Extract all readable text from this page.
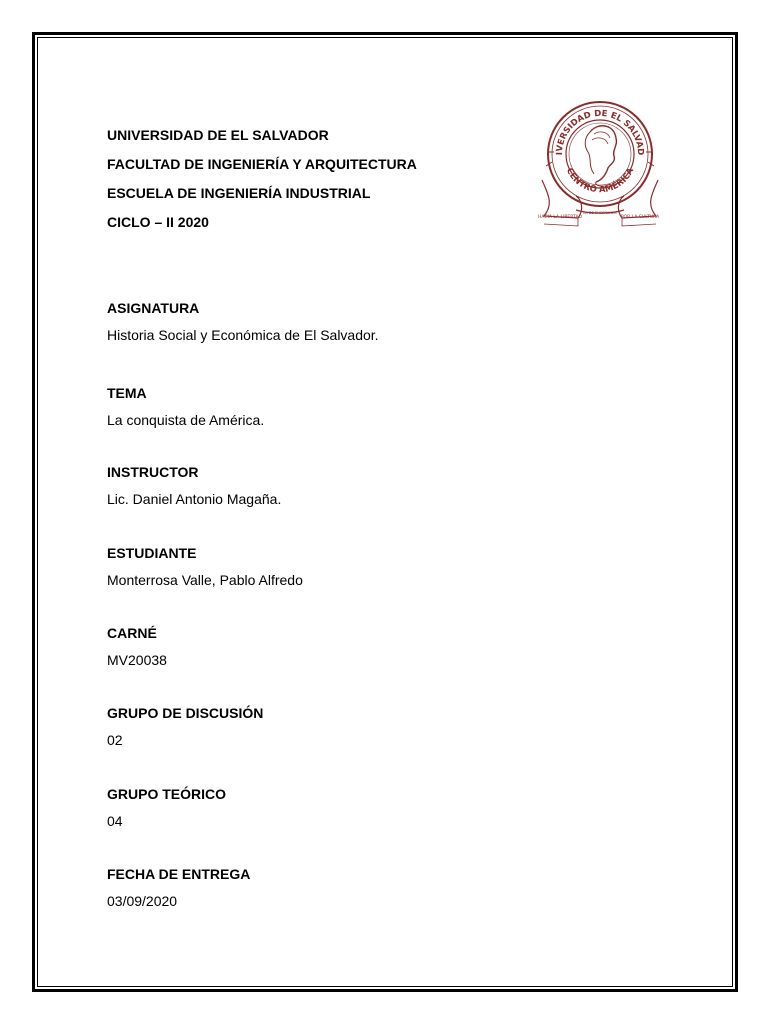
UNIVERSIDAD DE EL SALVADOR
FACULTAD DE INGENIERÍA Y ARQUITECTURA
ESCUELA DE INGENIERÍA INDUSTRIAL
CICLO – II 2020
IVERSIDAD DE EL SALVAD
CENTRO AMÉRICA
HACIA LA LIBERTAD
LA DE ENSEÑANZA
POR LA CULTURA
ASIGNATURA
Historia Social y Económica de El Salvador.
TEMA
La conquista de América.
INSTRUCTOR
Lic. Daniel Antonio Magaña.
ESTUDIANTE
Monterrosa Valle, Pablo Alfredo
CARNÉ
MV20038
GRUPO DE DISCUSIÓN
02
GRUPO TEÓRICO
04
FECHA DE ENTREGA
03/09/2020
